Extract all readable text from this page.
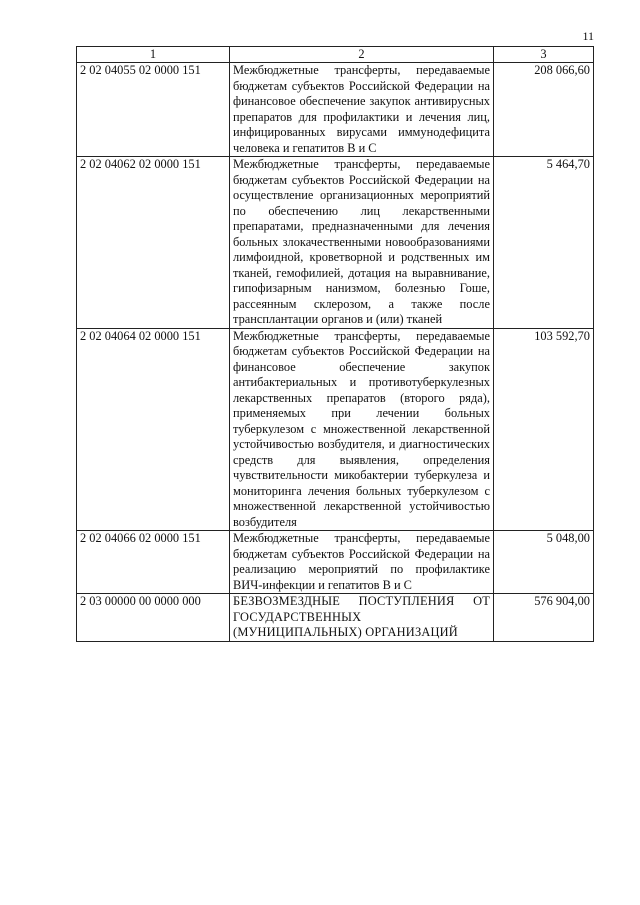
11
1	2	3
2 02 04055 02 0000 151	Межбюджетные трансферты, передаваемые бюджетам субъектов Российской Федерации на финансовое обеспечение закупок антивирусных препаратов для профилактики и лечения лиц, инфицированных вирусами иммунодефицита человека и гепатитов В и С	208 066,60
2 02 04062 02 0000 151	Межбюджетные трансферты, передаваемые бюджетам субъектов Российской Федерации на осуществление организационных мероприятий по обеспечению лиц лекарственными препаратами, предназначенными для лечения больных злокачественными новообразованиями лимфоидной, кроветворной и родственных им тканей, гемофилией, дотация на выравнивание, гипофизарным нанизмом, болезнью Гоше, рассеянным склерозом, а также после трансплантации органов и (или) тканей	5 464,70
2 02 04064 02 0000 151	Межбюджетные трансферты, передаваемые бюджетам субъектов Российской Федерации на финансовое обеспечение закупок антибактериальных и противотуберкулезных лекарственных препаратов (второго ряда), применяемых при лечении больных туберкулезом с множественной лекарственной устойчивостью возбудителя, и диагностических средств для выявления, определения чувствительности микобактерии туберкулеза и мониторинга лечения больных туберкулезом с множественной лекарственной устойчивостью возбудителя	103 592,70
2 02 04066 02 0000 151	Межбюджетные трансферты, передаваемые бюджетам субъектов Российской Федерации на реализацию мероприятий по профилактике ВИЧ-инфекции и гепатитов В и С	5 048,00
2 03 00000 00 0000 000	БЕЗВОЗМЕЗДНЫЕ ПОСТУПЛЕНИЯ ОТ ГОСУДАРСТВЕННЫХ (МУНИЦИПАЛЬНЫХ) ОРГАНИЗАЦИЙ	576 904,00
